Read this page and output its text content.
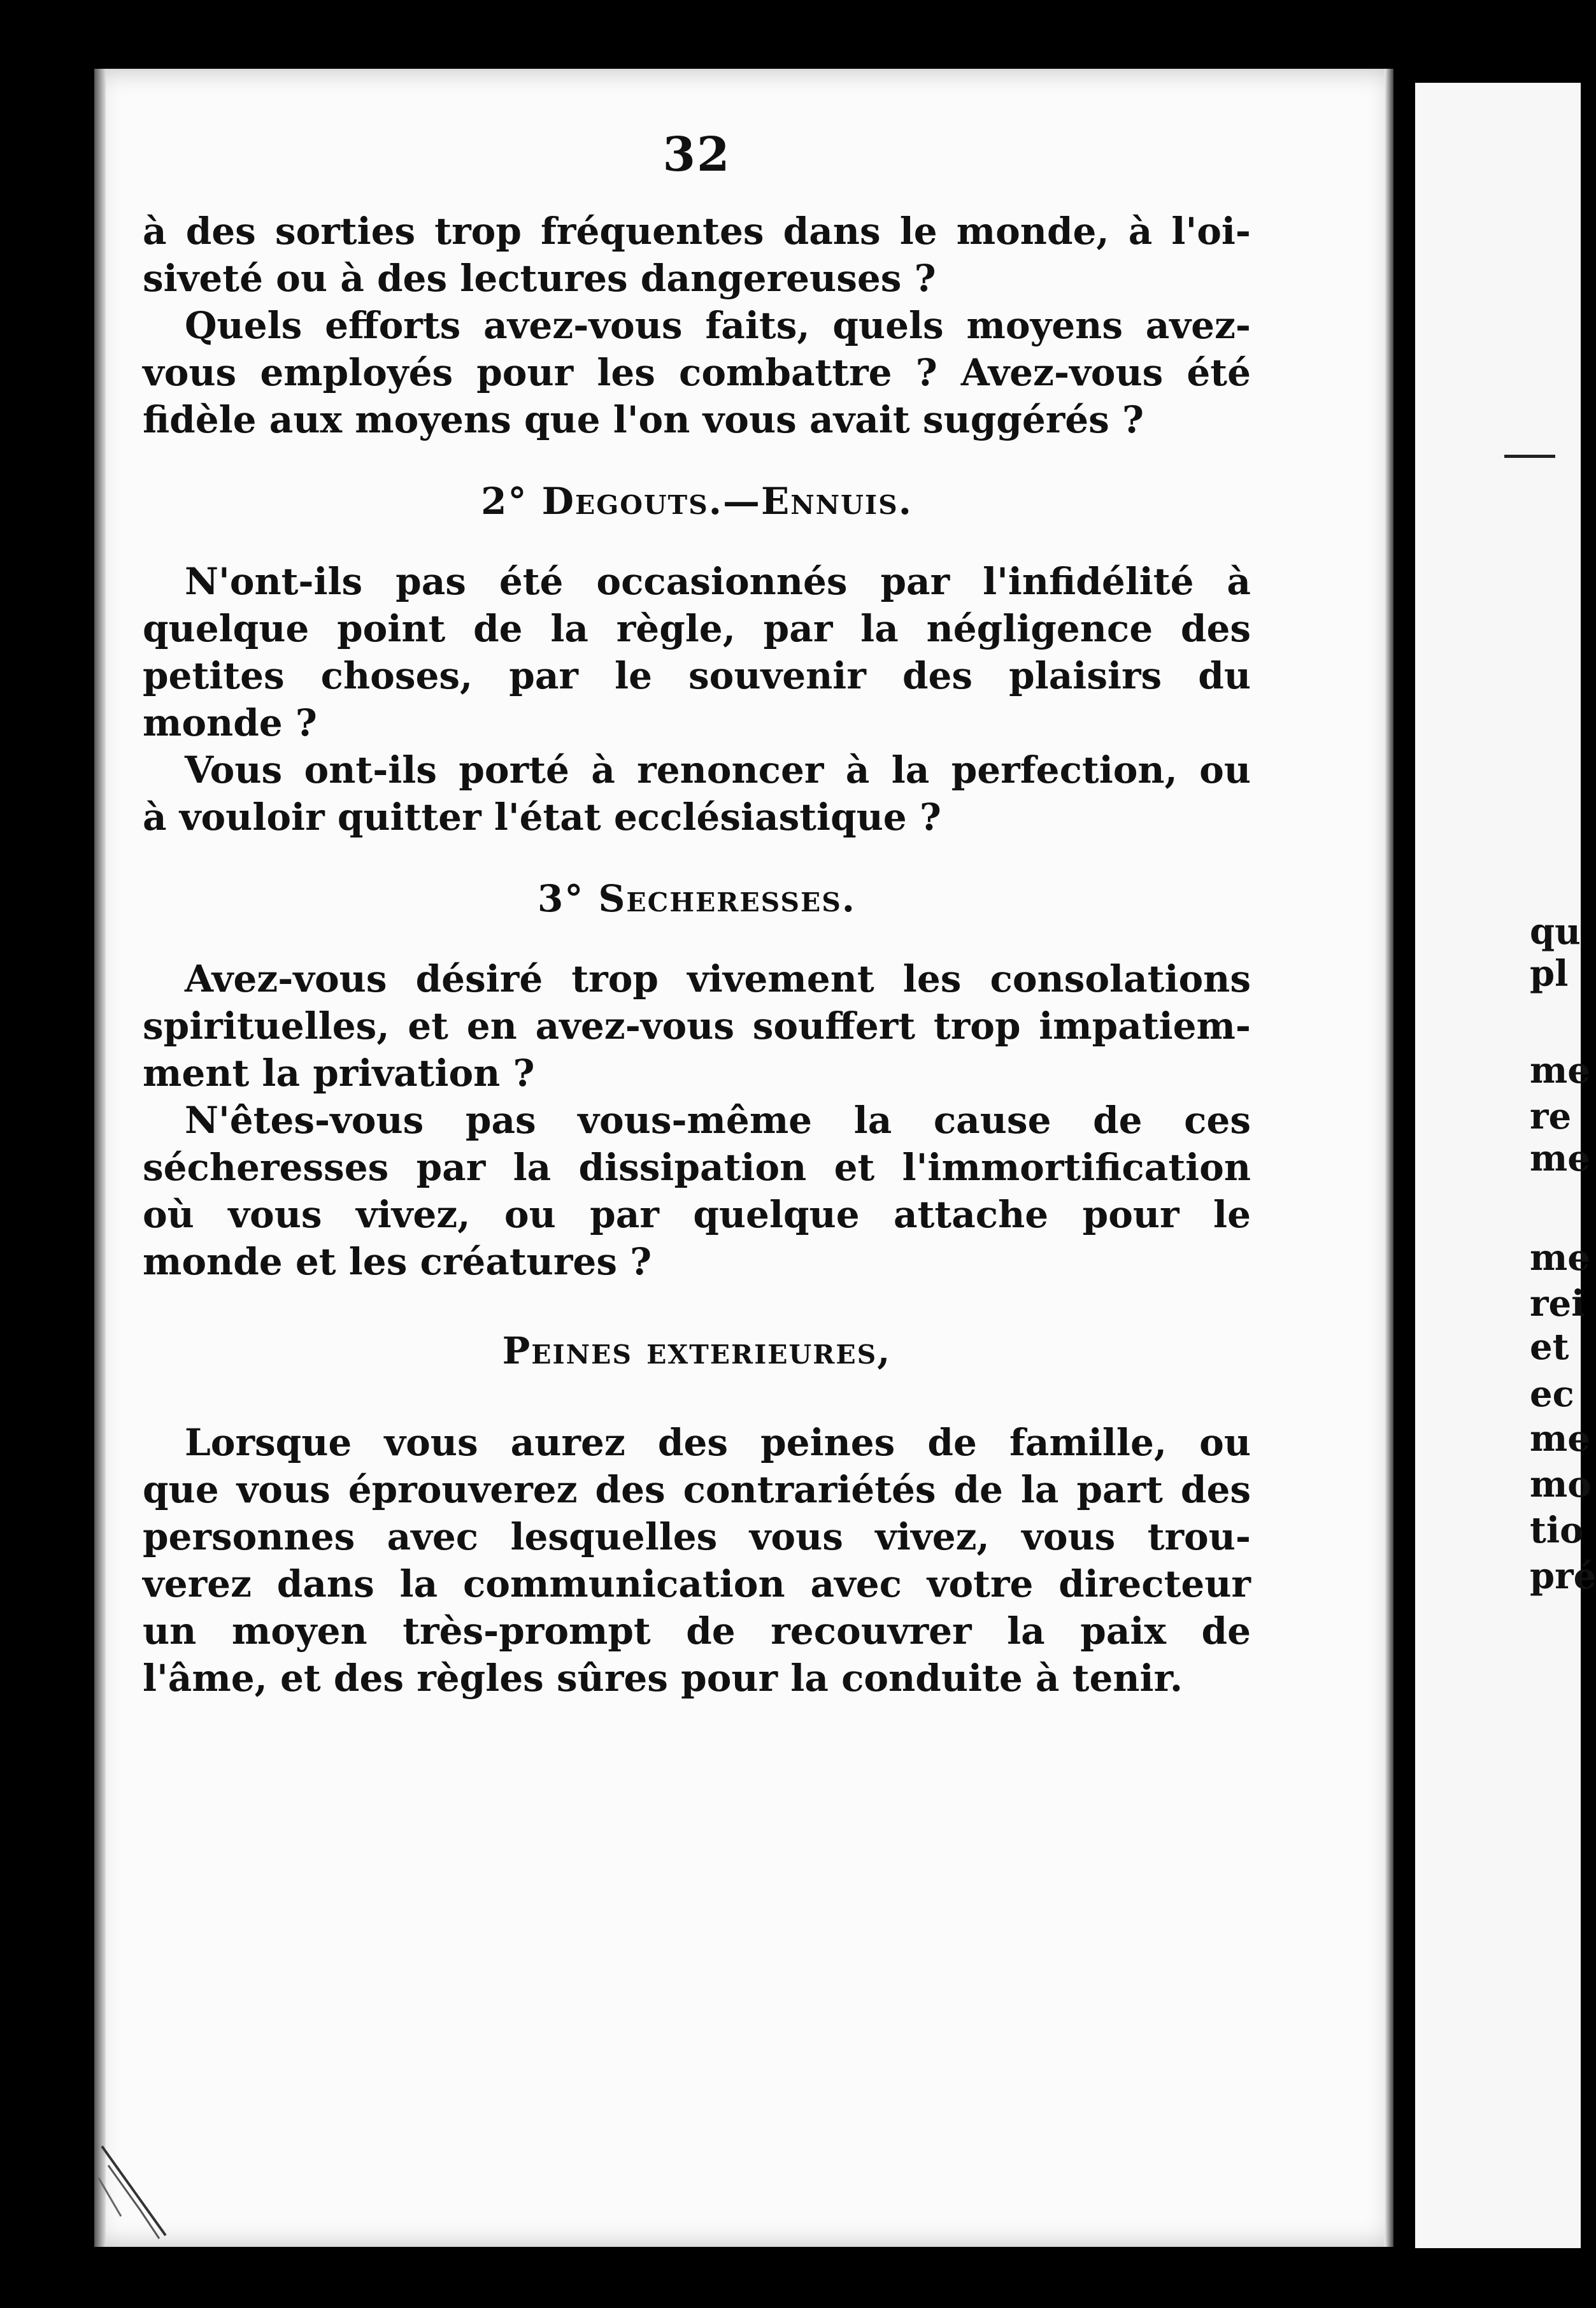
qu
pl
me
re
me
me
rei
et
ec
me
mo
tio
pré
32

à des sorties trop fréquentes dans le monde, à l'oi-

siveté ou à des lectures dangereuses ?

Quels efforts avez-vous faits, quels moyens avez-

vous employés pour les combattre ? Avez-vous été

fidèle aux moyens que l'on vous avait suggérés ?

2° Degouts.—Ennuis.

N'ont-ils pas été occasionnés par l'infidélité à

quelque point de la règle, par la négligence des

petites choses, par le souvenir des plaisirs du

monde ?

Vous ont-ils porté à renoncer à la perfection, ou

à vouloir quitter l'état ecclésiastique ?

3° Secheresses.

Avez-vous désiré trop vivement les consolations

spirituelles, et en avez-vous souffert trop impatiem-

ment la privation ?

N'êtes-vous pas vous-même la cause de ces

sécheresses par la dissipation et l'immortification

où vous vivez, ou par quelque attache pour le

monde et les créatures ?

Peines exterieures,

Lorsque vous aurez des peines de famille, ou

que vous éprouverez des contrariétés de la part des

personnes avec lesquelles vous vivez, vous trou-

verez dans la communication avec votre directeur

un moyen très-prompt de recouvrer la paix de

l'âme, et des règles sûres pour la conduite à tenir.
